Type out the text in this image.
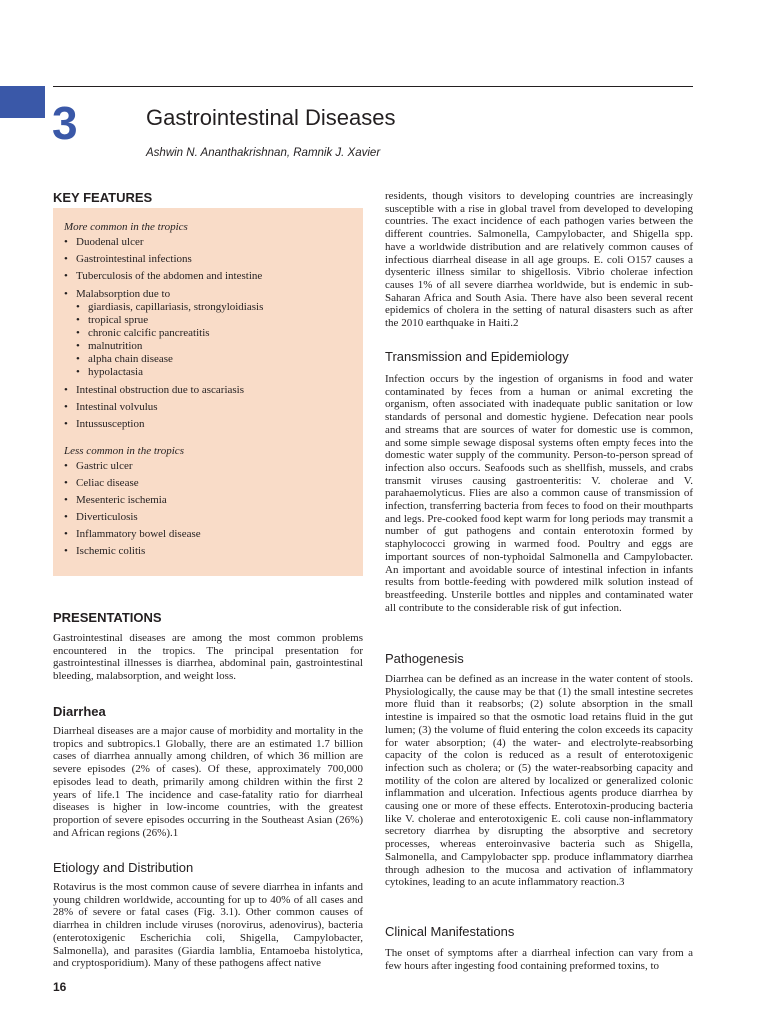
3	Gastrointestinal Diseases
Ashwin N. Ananthakrishnan, Ramnik J. Xavier
KEY FEATURES

More common in the tropics

• Duodenal ulcer
• Gastrointestinal infections
• Tuberculosis of the abdomen and intestine
• Malabsorption due to
• giardiasis, capillariasis, strongyloidiasis
• tropical sprue
• chronic calcific pancreatitis
• malnutrition
• alpha chain disease
• hypolactasia
• Intestinal obstruction due to ascariasis
• Intestinal volvulus
• Intussusception

Less common in the tropics

• Gastric ulcer
• Celiac disease
• Mesenteric ischemia
• Diverticulosis
• Inflammatory bowel disease
• Ischemic colitis
PRESENTATIONS

Gastrointestinal diseases are among the most common problems encountered in the tropics. The principal presentation for gastrointestinal illnesses is diarrhea, abdominal pain, gastrointestinal bleeding, malabsorption, and weight loss.

Diarrhea

Diarrheal diseases are a major cause of morbidity and mortality in the tropics and subtropics.1 Globally, there are an estimated 1.7 billion cases of diarrhea annually among children, of which 36 million are severe episodes (2% of cases). Of these, approximately 700,000 episodes lead to death, primarily among children within the first 2 years of life.1 The incidence and case-fatality ratio for diarrheal diseases is higher in low-income countries, with the greatest proportion of severe episodes occurring in the Southeast Asian (26%) and African regions (26%).1

Etiology and Distribution

Rotavirus is the most common cause of severe diarrhea in infants and young children worldwide, accounting for up to 40% of all cases and 28% of severe or fatal cases (Fig. 3.1). Other common causes of diarrhea in children include viruses (norovirus, adenovirus), bacteria (enterotoxigenic Escherichia coli, Shigella, Campylobacter, Salmonella), and parasites (Giardia lamblia, Entamoeba histolytica, and cryptosporidium). Many of these pathogens affect native

16

residents, though visitors to developing countries are increasingly susceptible with a rise in global travel from developed to developing countries. The exact incidence of each pathogen varies between the different countries. Salmonella, Campylobacter, and Shigella spp. have a worldwide distribution and are relatively common causes of infectious diarrheal disease in all age groups. E. coli O157 causes a dysenteric illness similar to shigellosis. Vibrio cholerae infection causes 1% of all severe diarrhea worldwide, but is endemic in sub-Saharan Africa and South Asia. There have also been several recent epidemics of cholera in the setting of natural disasters such as after the 2010 earthquake in Haiti.2

Transmission and Epidemiology

Infection occurs by the ingestion of organisms in food and water contaminated by feces from a human or animal excreting the organism, often associated with inadequate public sanitation or low standards of personal and domestic hygiene. Defecation near pools and streams that are sources of water for domestic use is common, and some simple sewage disposal systems often empty feces into the domestic water supply of the community. Person-to-person spread of infection also occurs. Seafoods such as shellfish, mussels, and crabs transmit viruses causing gastroenteritis: V. cholerae and V. parahaemolyticus. Flies are also a common cause of transmission of infection, transferring bacteria from feces to food on their mouthparts and legs. Pre-cooked food kept warm for long periods may transmit a number of gut pathogens and contain enterotoxin formed by staphylococci growing in warmed food. Poultry and eggs are important sources of non-typhoidal Salmonella and Campylobacter. An important and avoidable source of intestinal infection in infants results from bottle-feeding with powdered milk solution instead of breastfeeding. Unsterile bottles and nipples and contaminated water all contribute to the considerable risk of gut infection.

Pathogenesis

Diarrhea can be defined as an increase in the water content of stools. Physiologically, the cause may be that (1) the small intestine secretes more fluid than it reabsorbs; (2) solute absorption in the small intestine is impaired so that the osmotic load retains fluid in the gut lumen; (3) the volume of fluid entering the colon exceeds its capacity for water absorption; (4) the water- and electrolyte-reabsorbing capacity of the colon is reduced as a result of enterotoxigenic infection such as cholera; or (5) the water-reabsorbing capacity and motility of the colon are altered by localized or generalized colonic inflammation and ulceration. Infectious agents produce diarrhea by causing one or more of these effects. Enterotoxin-producing bacteria like V. cholerae and enterotoxigenic E. coli cause non-inflammatory secretory diarrhea by disrupting the absorptive and secretory processes, whereas enteroinvasive bacteria such as Shigella, Salmonella, and Campylobacter spp. produce inflammatory diarrhea through adhesion to the mucosa and activation of inflammatory cytokines, leading to an acute inflammatory reaction.3

Clinical Manifestations

The onset of symptoms after a diarrheal infection can vary from a few hours after ingesting food containing preformed toxins, to
